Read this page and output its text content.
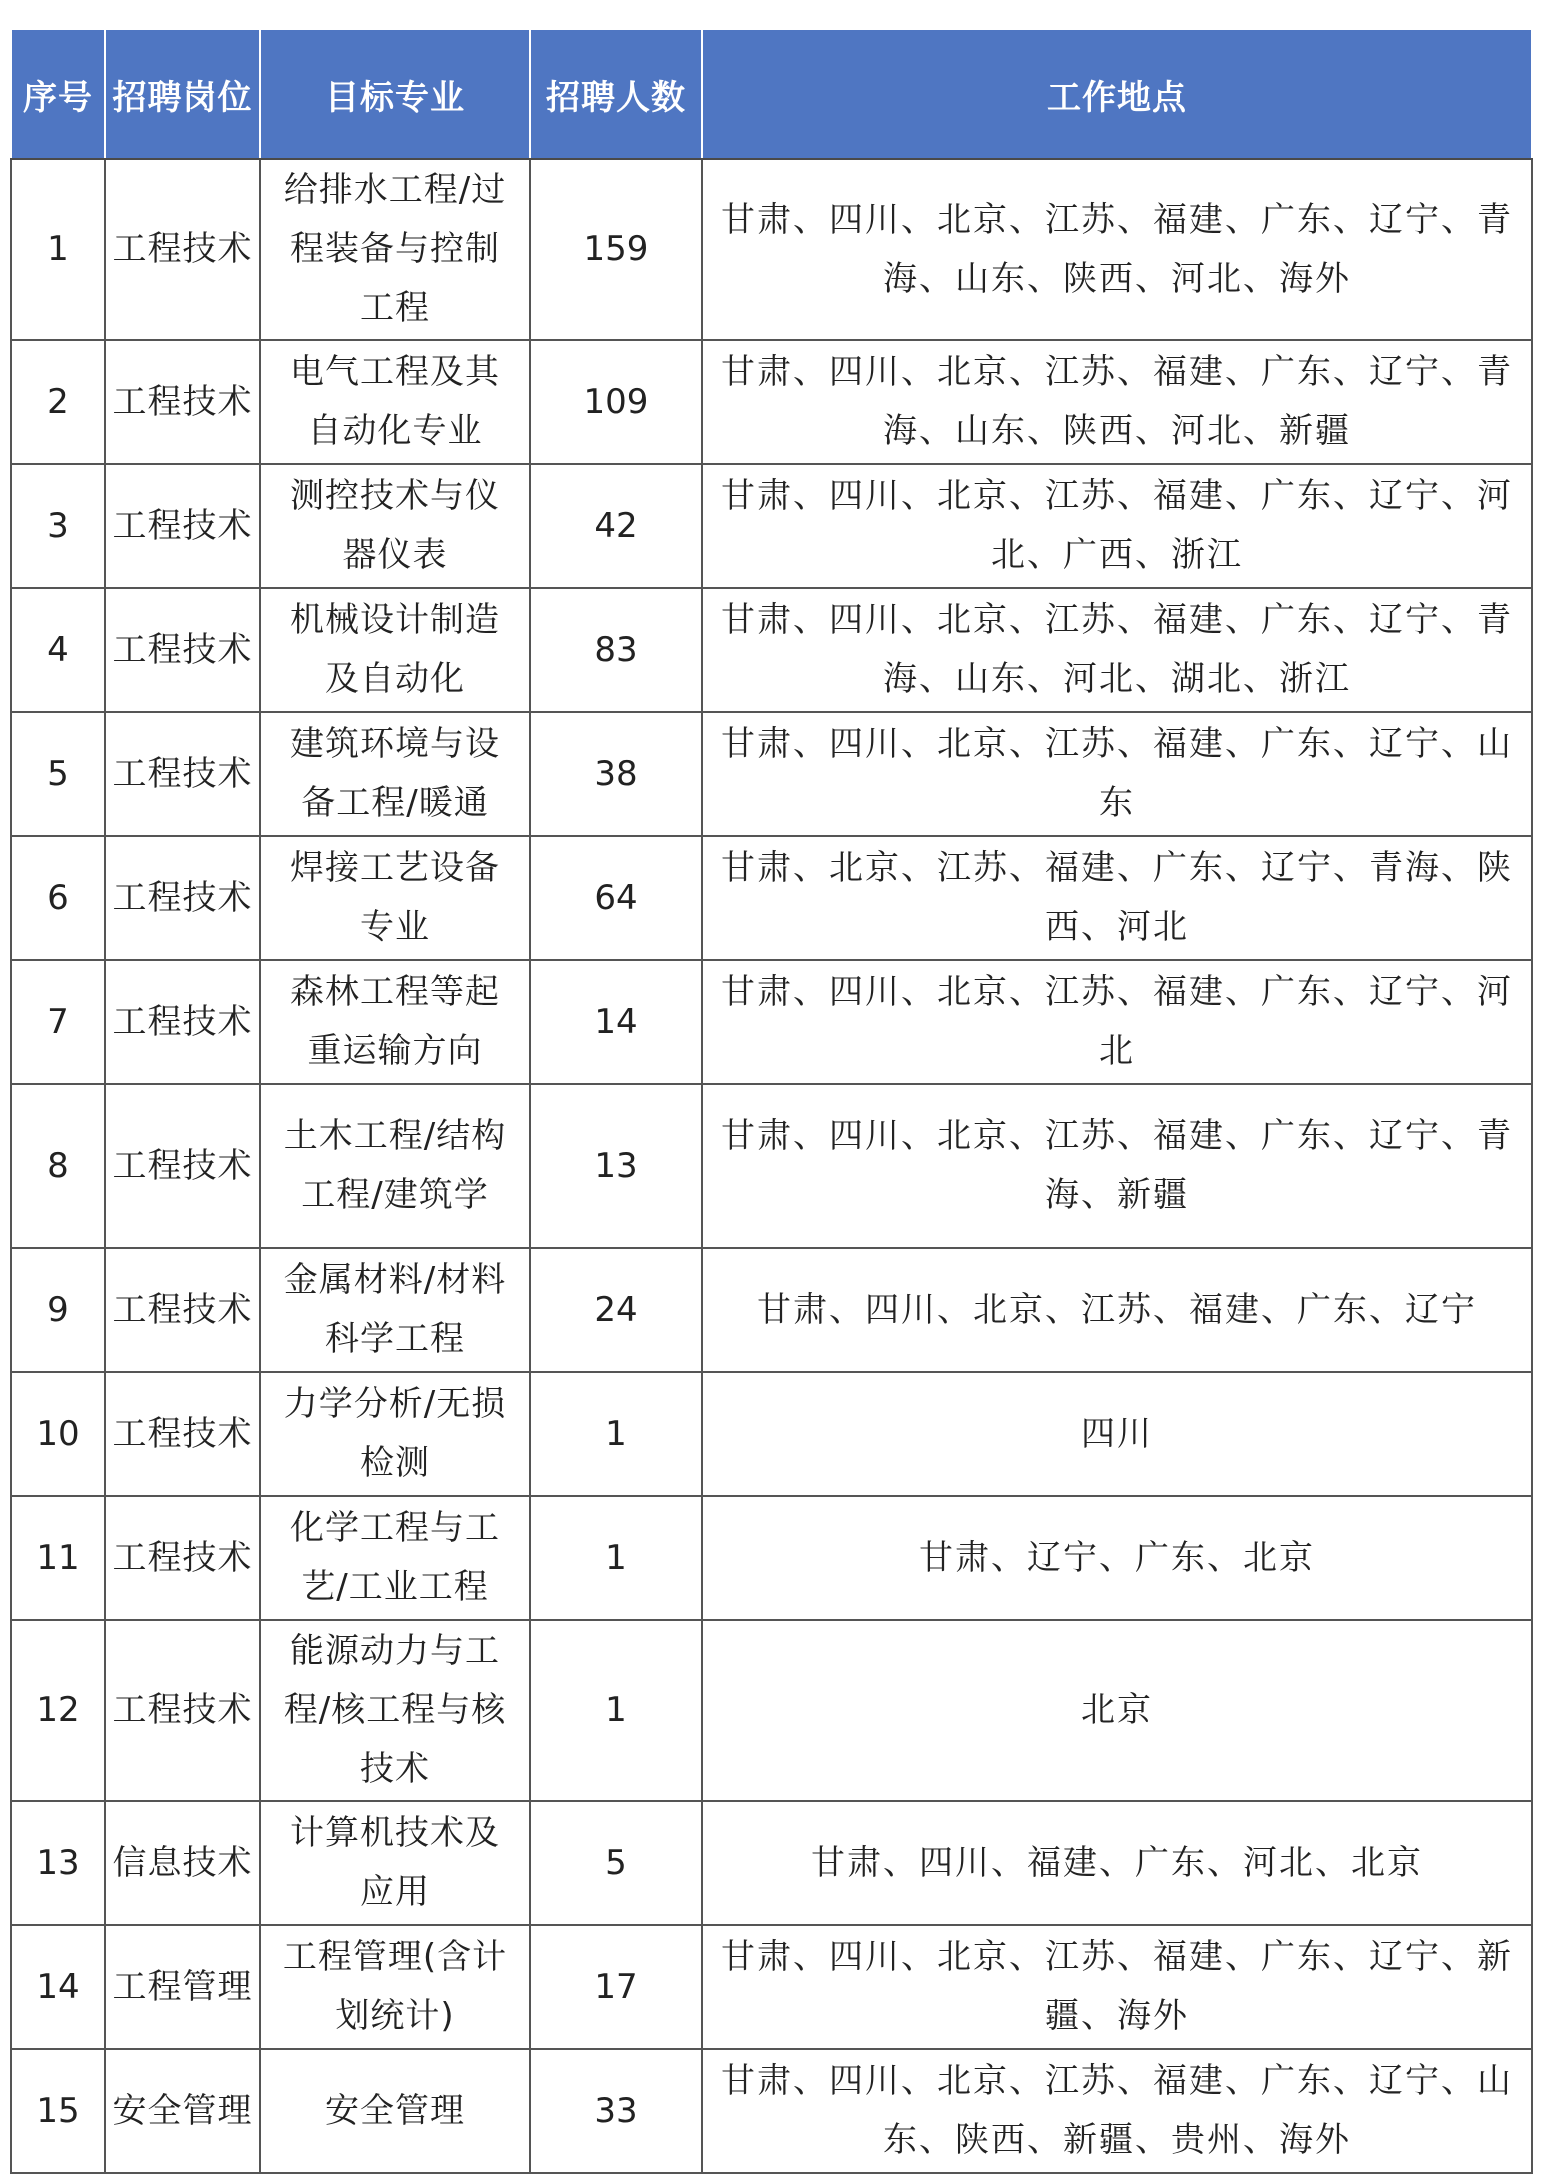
序号	招聘岗位	目标专业	招聘人数	工作地点
1	工程技术	给排水工程/过程装备与控制工程	159	甘肃、四川、北京、江苏、福建、广东、辽宁、青海、山东、陕西、河北、海外
2	工程技术	电气工程及其自动化专业	109	甘肃、四川、北京、江苏、福建、广东、辽宁、青海、山东、陕西、河北、新疆
3	工程技术	测控技术与仪器仪表	42	甘肃、四川、北京、江苏、福建、广东、辽宁、河北、广西、浙江
4	工程技术	机械设计制造及自动化	83	甘肃、四川、北京、江苏、福建、广东、辽宁、青海、山东、河北、湖北、浙江
5	工程技术	建筑环境与设备工程/暖通	38	甘肃、四川、北京、江苏、福建、广东、辽宁、山东
6	工程技术	焊接工艺设备专业	64	甘肃、北京、江苏、福建、广东、辽宁、青海、陕西、河北
7	工程技术	森林工程等起重运输方向	14	甘肃、四川、北京、江苏、福建、广东、辽宁、河北
8	工程技术	土木工程/结构工程/建筑学	13	甘肃、四川、北京、江苏、福建、广东、辽宁、青海、新疆
9	工程技术	金属材料/材料科学工程	24	甘肃、四川、北京、江苏、福建、广东、辽宁
10	工程技术	力学分析/无损检测	1	四川
11	工程技术	化学工程与工艺/工业工程	1	甘肃、辽宁、广东、北京
12	工程技术	能源动力与工程/核工程与核技术	1	北京
13	信息技术	计算机技术及应用	5	甘肃、四川、福建、广东、河北、北京
14	工程管理	工程管理(含计划统计)	17	甘肃、四川、北京、江苏、福建、广东、辽宁、新疆、海外
15	安全管理	安全管理	33	甘肃、四川、北京、江苏、福建、广东、辽宁、山东、陕西、新疆、贵州、海外
